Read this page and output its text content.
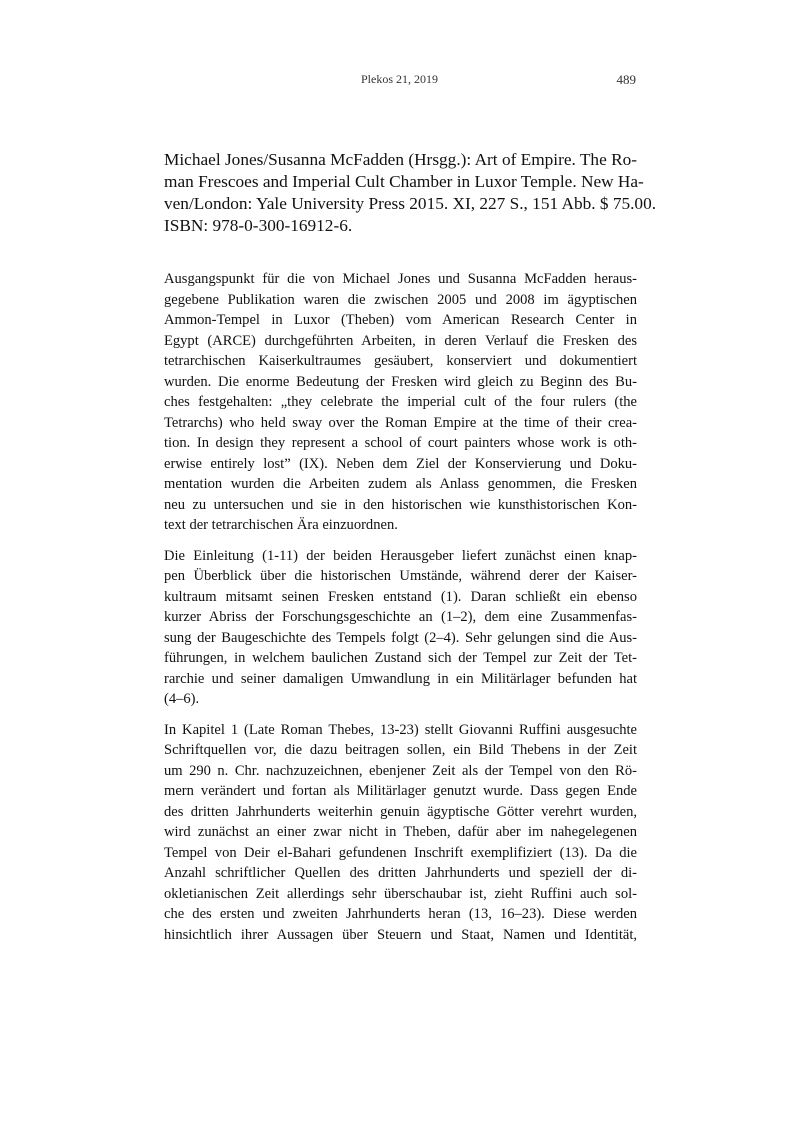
Plekos 21, 2019	489
Michael Jones/Susanna McFadden (Hrsgg.): Art of Empire. The Ro-
man Frescoes and Imperial Cult Chamber in Luxor Temple. New Ha-
ven/London: Yale University Press 2015. XI, 227 S., 151 Abb. $ 75.00.
ISBN: 978-0-300-16912-6.
Ausgangspunkt für die von Michael Jones und Susanna McFadden heraus-
gegebene Publikation waren die zwischen 2005 und 2008 im ägyptischen
Ammon-Tempel in Luxor (Theben) vom American Research Center in
Egypt (ARCE) durchgeführten Arbeiten, in deren Verlauf die Fresken des
tetrarchischen Kaiserkultraumes gesäubert, konserviert und dokumentiert
wurden. Die enorme Bedeutung der Fresken wird gleich zu Beginn des Bu-
ches festgehalten: „they celebrate the imperial cult of the four rulers (the
Tetrarchs) who held sway over the Roman Empire at the time of their crea-
tion. In design they represent a school of court painters whose work is oth-
erwise entirely lost” (IX). Neben dem Ziel der Konservierung und Doku-
mentation wurden die Arbeiten zudem als Anlass genommen, die Fresken
neu zu untersuchen und sie in den historischen wie kunsthistorischen Kon-
text der tetrarchischen Ära einzuordnen.
Die Einleitung (1-11) der beiden Herausgeber liefert zunächst einen knap-
pen Überblick über die historischen Umstände, während derer der Kaiser-
kultraum mitsamt seinen Fresken entstand (1). Daran schließt ein ebenso
kurzer Abriss der Forschungsgeschichte an (1–2), dem eine Zusammenfas-
sung der Baugeschichte des Tempels folgt (2–4). Sehr gelungen sind die Aus-
führungen, in welchem baulichen Zustand sich der Tempel zur Zeit der Tet-
rarchie und seiner damaligen Umwandlung in ein Militärlager befunden hat
(4–6).
In Kapitel 1 (Late Roman Thebes, 13-23) stellt Giovanni Ruffini ausgesuchte
Schriftquellen vor, die dazu beitragen sollen, ein Bild Thebens in der Zeit
um 290 n. Chr. nachzuzeichnen, ebenjener Zeit als der Tempel von den Rö-
mern verändert und fortan als Militärlager genutzt wurde. Dass gegen Ende
des dritten Jahrhunderts weiterhin genuin ägyptische Götter verehrt wurden,
wird zunächst an einer zwar nicht in Theben, dafür aber im nahegelegenen
Tempel von Deir el-Bahari gefundenen Inschrift exemplifiziert (13). Da die
Anzahl schriftlicher Quellen des dritten Jahrhunderts und speziell der di-
okletianischen Zeit allerdings sehr überschaubar ist, zieht Ruffini auch sol-
che des ersten und zweiten Jahrhunderts heran (13, 16–23). Diese werden
hinsichtlich ihrer Aussagen über Steuern und Staat, Namen und Identität,
